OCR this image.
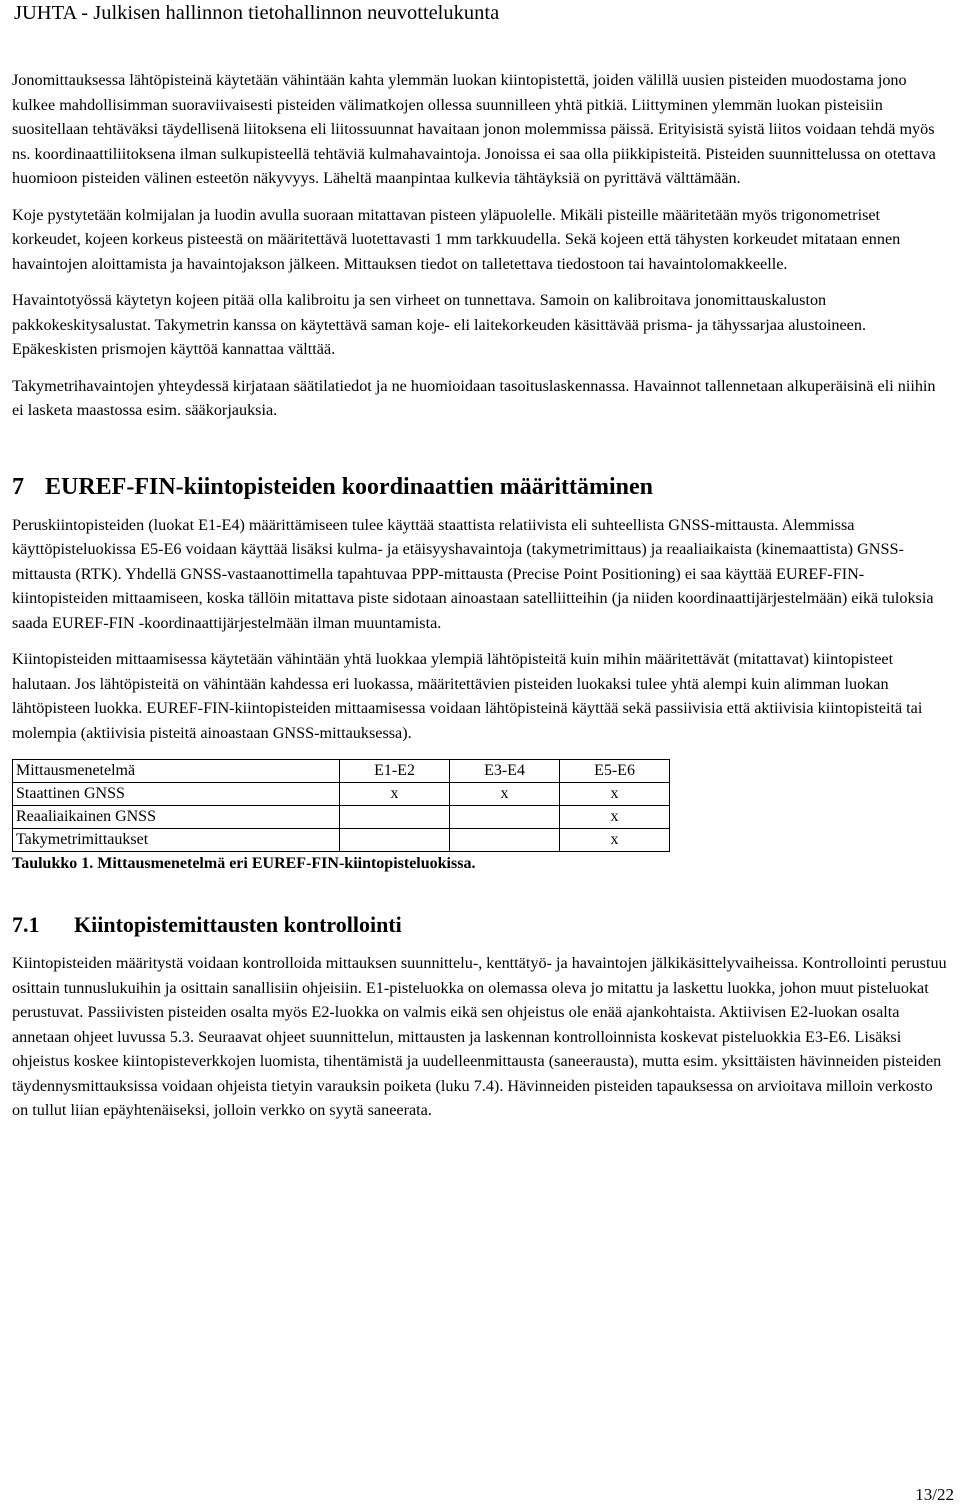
JUHTA - Julkisen hallinnon tietohallinnon neuvottelukunta

Jonomittauksessa lähtöpisteinä käytetään vähintään kahta ylemmän luokan kiintopistettä, joiden välillä uusien pisteiden muodostama jono kulkee mahdollisimman suoraviivaisesti pisteiden välimatkojen ollessa suunnilleen yhtä pitkiä. Liittyminen ylemmän luokan pisteisiin suositellaan tehtäväksi täydellisenä liitoksena eli liitossuunnat havaitaan jonon molemmissa päissä. Erityisistä syistä liitos voidaan tehdä myös ns. koordinaattiliitoksena ilman sulkupisteellä tehtäviä kulmahavaintoja. Jonoissa ei saa olla piikkipisteitä. Pisteiden suunnittelussa on otettava huomioon pisteiden välinen esteetön näkyvyys. Läheltä maanpintaa kulkevia tähtäyksiä on pyrittävä välttämään.

Koje pystytetään kolmijalan ja luodin avulla suoraan mitattavan pisteen yläpuolelle. Mikäli pisteille määritetään myös trigonometriset korkeudet, kojeen korkeus pisteestä on määritettävä luotettavasti 1 mm tarkkuudella. Sekä kojeen että tähysten korkeudet mitataan ennen havaintojen aloittamista ja havaintojakson jälkeen. Mittauksen tiedot on talletettava tiedostoon tai havaintolomakkeelle.

Havaintotyössä käytetyn kojeen pitää olla kalibroitu ja sen virheet on tunnettava. Samoin on kalibroitava jonomittauskaluston pakkokeskitysalustat. Takymetrin kanssa on käytettävä saman koje- eli laitekorkeuden käsittävää prisma- ja tähyssarjaa alustoineen. Epäkeskisten prismojen käyttöä kannattaa välttää.

Takymetrihavaintojen yhteydessä kirjataan säätilatiedot ja ne huomioidaan tasoituslaskennassa. Havainnot tallennetaan alkuperäisinä eli niihin ei lasketa maastossa esim. sääkorjauksia.

7 EUREF-FIN-kiintopisteiden koordinaattien määrittäminen

Peruskiintopisteiden (luokat E1-E4) määrittämiseen tulee käyttää staattista relatiivista eli suhteellista GNSS-mittausta. Alemmissa käyttöpisteluokissa E5-E6 voidaan käyttää lisäksi kulma- ja etäisyyshavaintoja (takymetrimittaus) ja reaaliaikaista (kinemaattista) GNSS-mittausta (RTK). Yhdellä GNSS-vastaanottimella tapahtuvaa PPP-mittausta (Precise Point Positioning) ei saa käyttää EUREF-FIN-kiintopisteiden mittaamiseen, koska tällöin mitattava piste sidotaan ainoastaan satelliitteihin (ja niiden koordinaattijärjestelmään) eikä tuloksia saada EUREF-FIN -koordinaattijärjestelmään ilman muuntamista.

Kiintopisteiden mittaamisessa käytetään vähintään yhtä luokkaa ylempiä lähtöpisteitä kuin mihin määritettävät (mitattavat) kiintopisteet halutaan. Jos lähtöpisteitä on vähintään kahdessa eri luokassa, määritettävien pisteiden luokaksi tulee yhtä alempi kuin alimman luokan lähtöpisteen luokka. EUREF-FIN-kiintopisteiden mittaamisessa voidaan lähtöpisteinä käyttää sekä passiivisia että aktiivisia kiintopisteitä tai molempia (aktiivisia pisteitä ainoastaan GNSS-mittauksessa).

Mittausmenetelmä	E1-E2	E3-E4	E5-E6
Staattinen GNSS	x	x	x
Reaaliaikainen GNSS			x
Takymetrimittaukset			x
Taulukko 1. Mittausmenetelmä eri EUREF-FIN-kiintopisteluokissa.
7.1 Kiintopistemittausten kontrollointi

Kiintopisteiden määritystä voidaan kontrolloida mittauksen suunnittelu-, kenttätyö- ja havaintojen jälkikäsittelyvaiheissa. Kontrollointi perustuu osittain tunnuslukuihin ja osittain sanallisiin ohjeisiin. E1-pisteluokka on olemassa oleva jo mitattu ja laskettu luokka, johon muut pisteluokat perustuvat. Passiivisten pisteiden osalta myös E2-luokka on valmis eikä sen ohjeistus ole enää ajankohtaista. Aktiivisen E2-luokan osalta annetaan ohjeet luvussa 5.3. Seuraavat ohjeet suunnittelun, mittausten ja laskennan kontrolloinnista koskevat pisteluokkia E3-E6. Lisäksi ohjeistus koskee kiintopisteverkkojen luomista, tihentämistä ja uudelleenmittausta (saneerausta), mutta esim. yksittäisten hävinneiden pisteiden täydennysmittauksissa voidaan ohjeista tietyin varauksin poiketa (luku 7.4). Hävinneiden pisteiden tapauksessa on arvioitava milloin verkosto on tullut liian epäyhtenäiseksi, jolloin verkko on syytä saneerata.

13/22
